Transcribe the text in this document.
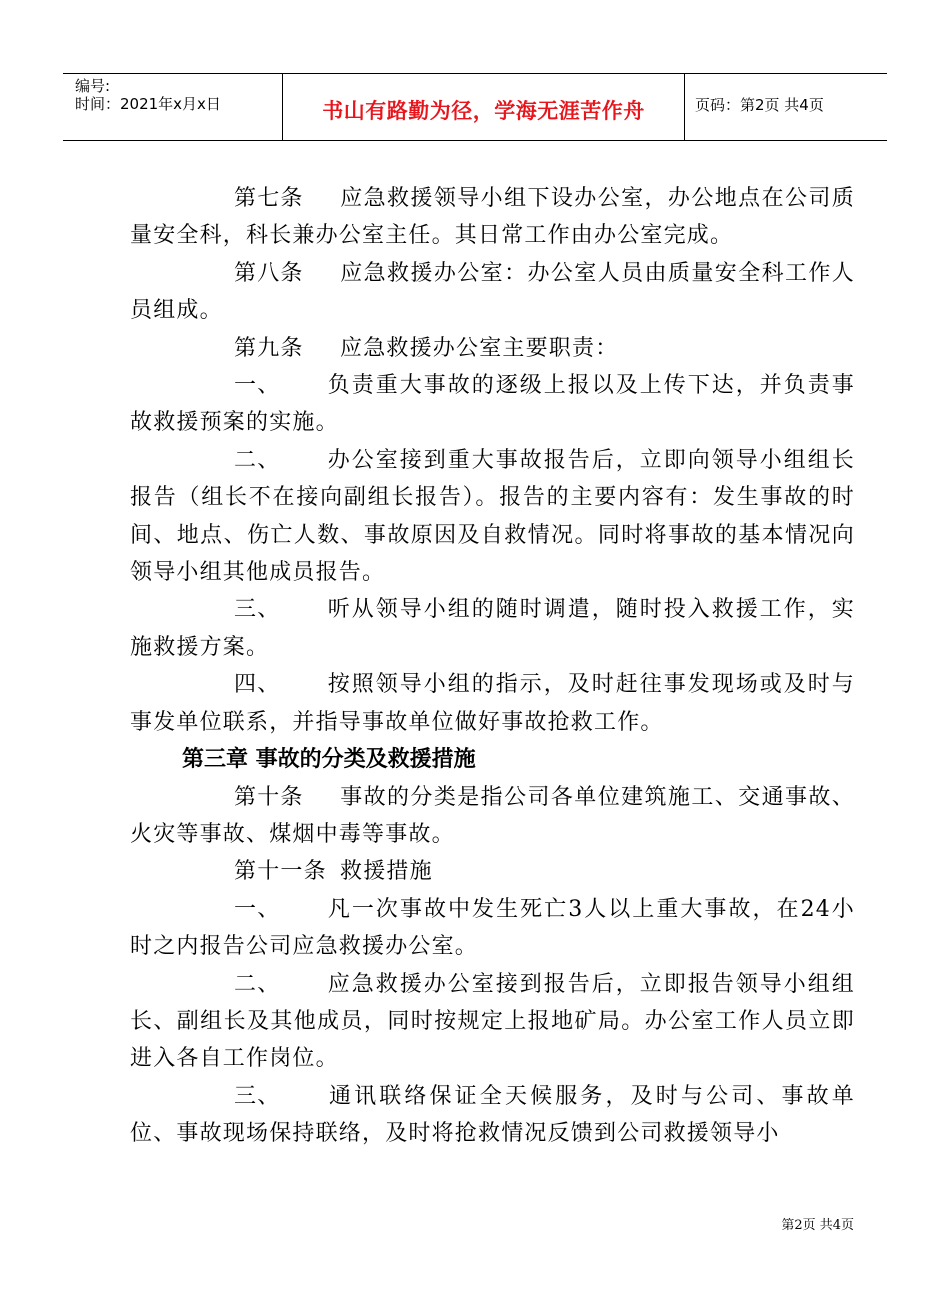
编号:
时间：2021年x月x日	书山有路勤为径，学海无涯苦作舟	页码：第2页 共4页

第七条 应急救援领导小组下设办公室，办公地点在公司质量安全科，科长兼办公室主任。其日常工作由办公室完成。

第八条 应急救援办公室：办公室人员由质量安全科工作人员组成。

第九条 应急救援办公室主要职责：

一、 负责重大事故的逐级上报以及上传下达，并负责事故救援预案的实施。

二、 办公室接到重大事故报告后，立即向领导小组组长报告（组长不在接向副组长报告）。报告的主要内容有：发生事故的时间、地点、伤亡人数、事故原因及自救情况。同时将事故的基本情况向领导小组其他成员报告。

三、 听从领导小组的随时调遣，随时投入救援工作，实施救援方案。

四、 按照领导小组的指示，及时赶往事发现场或及时与事发单位联系，并指导事故单位做好事故抢救工作。

第三章 事故的分类及救援措施

第十条 事故的分类是指公司各单位建筑施工、交通事故、火灾等事故、煤烟中毒等事故。

第十一条 救援措施

一、 凡一次事故中发生死亡3人以上重大事故，在24小时之内报告公司应急救援办公室。

二、 应急救援办公室接到报告后，立即报告领导小组组长、副组长及其他成员，同时按规定上报地矿局。办公室工作人员立即进入各自工作岗位。

三、 通讯联络保证全天候服务，及时与公司、事故单位、事故现场保持联络，及时将抢救情况反馈到公司救援领导小

第2页 共4页
